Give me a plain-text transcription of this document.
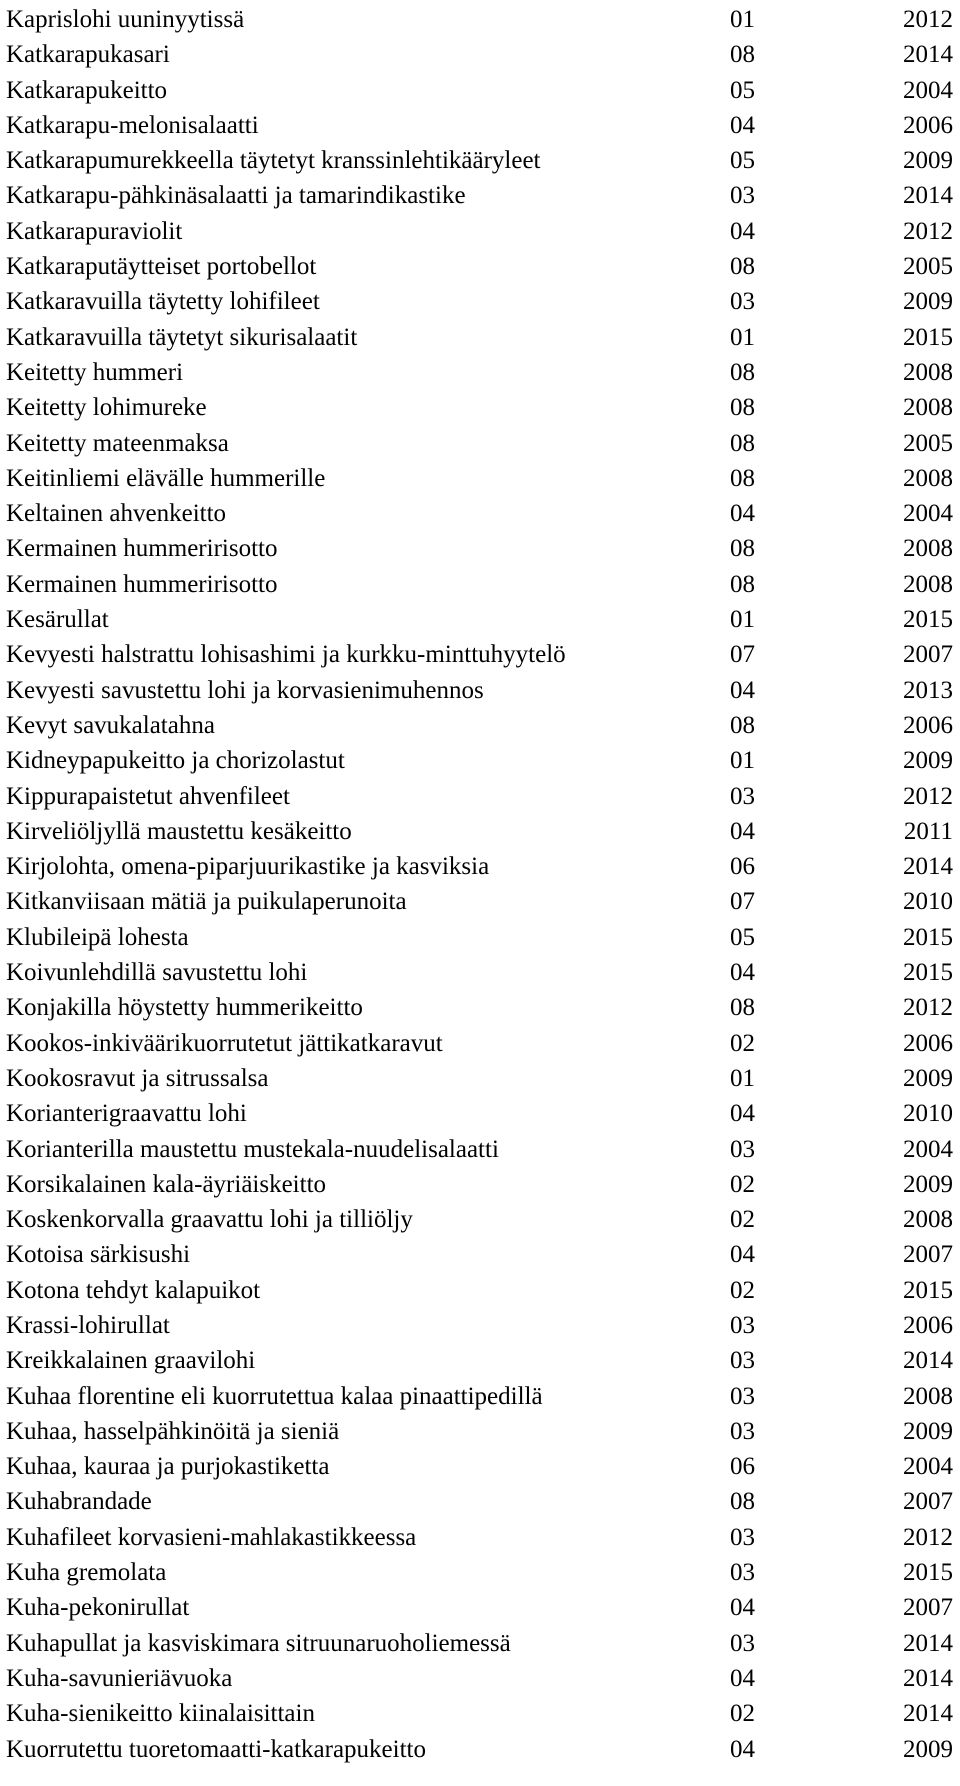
Kaprislohi uuninyytissä	01	2012
Katkarapukasari	08	2014
Katkarapukeitto	05	2004
Katkarapu-melonisalaatti	04	2006
Katkarapumurekkeella täytetyt kranssinlehtikääryleet	05	2009
Katkarapu-pähkinäsalaatti ja tamarindikastike	03	2014
Katkarapuraviolit	04	2012
Katkaraputäytteiset portobellot	08	2005
Katkaravuilla täytetty lohifileet	03	2009
Katkaravuilla täytetyt sikurisalaatit	01	2015
Keitetty hummeri	08	2008
Keitetty lohimureke	08	2008
Keitetty mateenmaksa	08	2005
Keitinliemi elävälle hummerille	08	2008
Keltainen ahvenkeitto	04	2004
Kermainen hummeririsotto	08	2008
Kermainen hummeririsotto	08	2008
Kesärullat	01	2015
Kevyesti halstrattu lohisashimi ja kurkku-minttuhyytelö	07	2007
Kevyesti savustettu lohi ja korvasienimuhennos	04	2013
Kevyt savukalatahna	08	2006
Kidneypapukeitto ja chorizolastut	01	2009
Kippurapaistetut ahvenfileet	03	2012
Kirveliöljyllä maustettu kesäkeitto	04	2011
Kirjolohta, omena-piparjuurikastike ja kasviksia	06	2014
Kitkanviisaan mätiä ja puikulaperunoita	07	2010
Klubileipä lohesta	05	2015
Koivunlehdillä savustettu lohi	04	2015
Konjakilla höystetty hummerikeitto	08	2012
Kookos-inkiväärikuorrutetut jättikatkaravut	02	2006
Kookosravut ja sitrussalsa	01	2009
Korianterigraavattu lohi	04	2010
Korianterilla maustettu mustekala-nuudelisalaatti	03	2004
Korsikalainen kala-äyriäiskeitto	02	2009
Koskenkorvalla graavattu lohi ja tilliöljy	02	2008
Kotoisa särkisushi	04	2007
Kotona tehdyt kalapuikot	02	2015
Krassi-lohirullat	03	2006
Kreikkalainen graavilohi	03	2014
Kuhaa florentine eli kuorrutettua kalaa pinaattipedillä	03	2008
Kuhaa, hasselpähkinöitä ja sieniä	03	2009
Kuhaa, kauraa ja purjokastiketta	06	2004
Kuhabrandade	08	2007
Kuhafileet korvasieni-mahlakastikkeessa	03	2012
Kuha gremolata	03	2015
Kuha-pekonirullat	04	2007
Kuhapullat ja kasviskimara sitruunaruoholiemessä	03	2014
Kuha-savunieriävuoka	04	2014
Kuha-sienikeitto kiinalaisittain	02	2014
Kuorrutettu tuoretomaatti-katkarapukeitto	04	2009
